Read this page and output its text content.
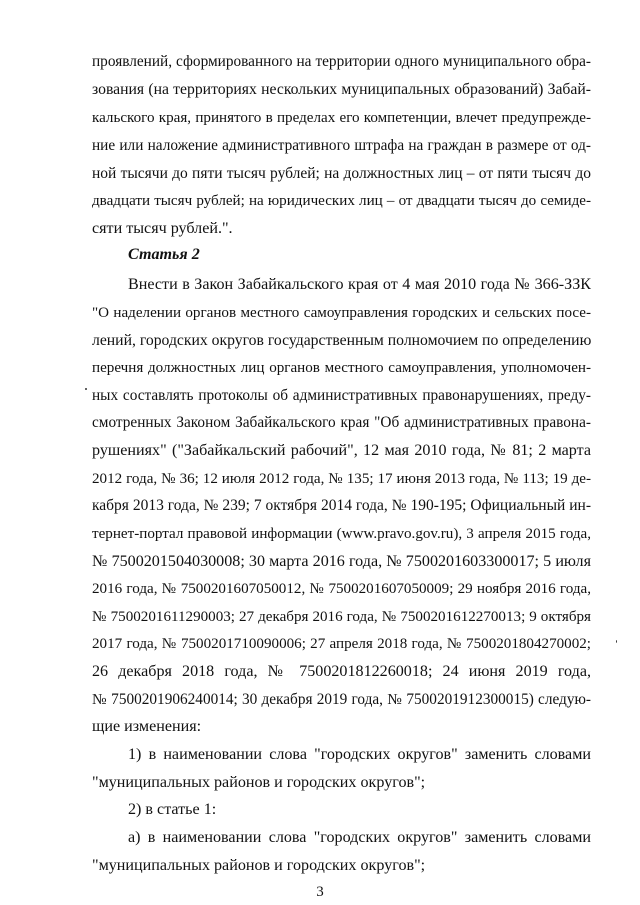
проявлений, сформированного на территории одного муниципального обра-
зования (на территориях нескольких муниципальных образований) Забай-
кальского края, принятого в пределах его компетенции, влечет предупрежде-
ние или наложение административного штрафа на граждан в размере от од-
ной тысячи до пяти тысяч рублей; на должностных лиц – от пяти тысяч до
двадцати тысяч рублей; на юридических лиц – от двадцати тысяч до семиде-
сяти тысяч рублей.".
Статья 2
Внести в Закон Забайкальского края от 4 мая 2010 года № 366-ЗЗК
"О наделении органов местного самоуправления городских и сельских посе-
лений, городских округов государственным полномочием по определению
перечня должностных лиц органов местного самоуправления, уполномочен-
ных составлять протоколы об административных правонарушениях, преду-
смотренных Законом Забайкальского края "Об административных правона-
рушениях" ("Забайкальский рабочий", 12 мая 2010 года, № 81; 2 марта
2012 года, № 36; 12 июля 2012 года, № 135; 17 июня 2013 года, № 113; 19 де-
кабря 2013 года, № 239; 7 октября 2014 года, № 190-195; Официальный ин-
тернет-портал правовой информации (www.pravo.gov.ru), 3 апреля 2015 года,
№ 7500201504030008; 30 марта 2016 года, № 7500201603300017; 5 июля
2016 года, № 7500201607050012, № 7500201607050009; 29 ноября 2016 года,
№ 7500201611290003; 27 декабря 2016 года, № 7500201612270013; 9 октября
2017 года, № 7500201710090006; 27 апреля 2018 года, № 7500201804270002;
26 декабря 2018 года, № 7500201812260018; 24 июня 2019 года,
№ 7500201906240014; 30 декабря 2019 года, № 7500201912300015) следую-
щие изменения:
1) в наименовании слова "городских округов" заменить словами
"муниципальных районов и городских округов";
2) в статье 1:
а) в наименовании слова "городских округов" заменить словами
"муниципальных районов и городских округов";
3
